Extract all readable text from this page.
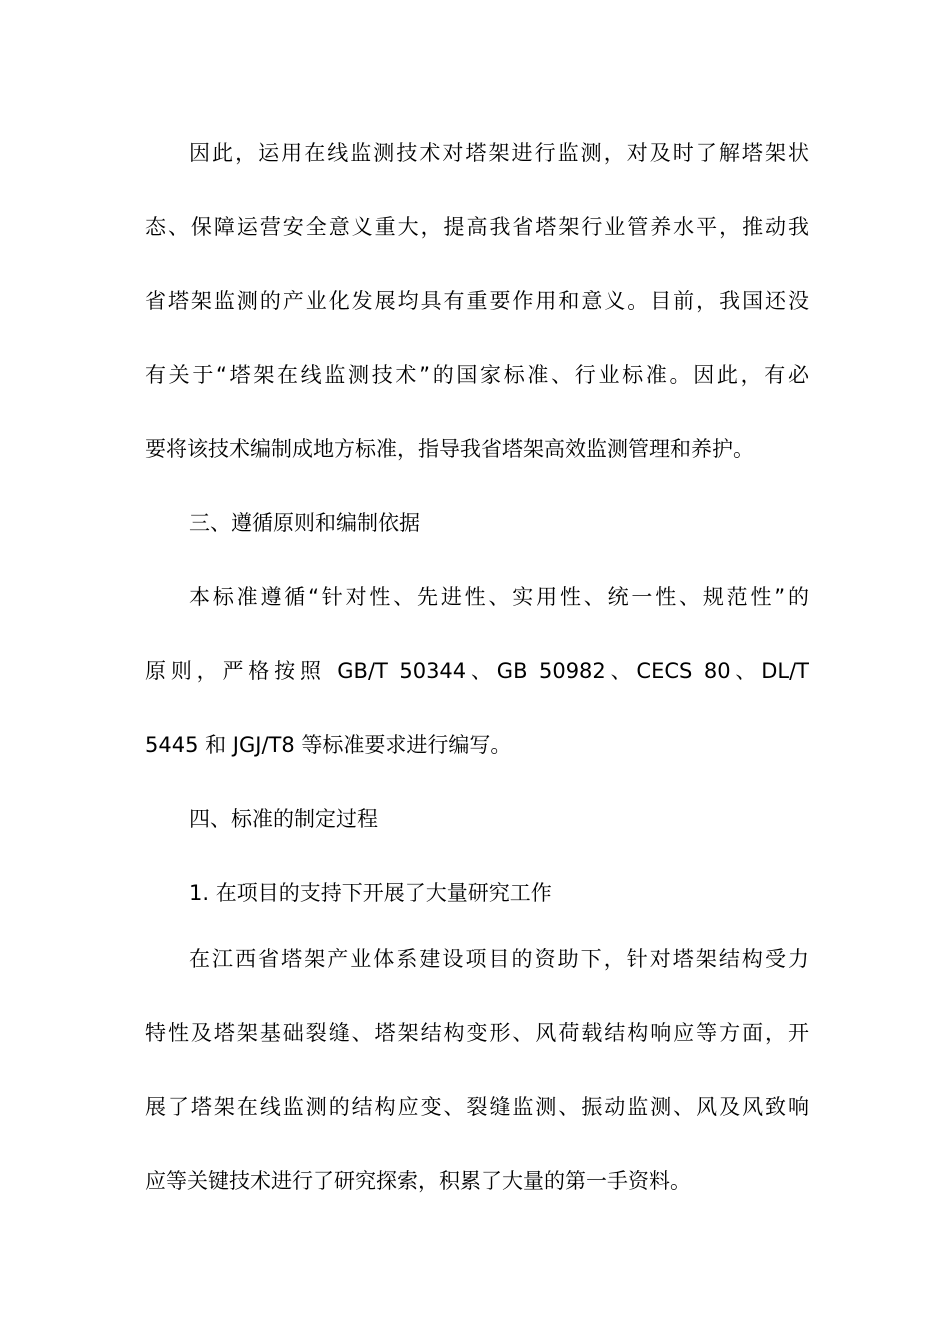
因此，运用在线监测技术对塔架进行监测，对及时了解塔架状
态、保障运营安全意义重大，提高我省塔架行业管养水平，推动我
省塔架监测的产业化发展均具有重要作用和意义。目前，我国还没
有关于“塔架在线监测技术”的国家标准、行业标准。因此，有必
要将该技术编制成地方标准，指导我省塔架高效监测管理和养护。
三、遵循原则和编制依据
本标准遵循“针对性、先进性、实用性、统一性、规范性”的
原则，严格按照 GB/T 50344、GB 50982、CECS 80、DL/T
5445 和 JGJ/T8 等标准要求进行编写。
四、标准的制定过程
1. 在项目的支持下开展了大量研究工作
在江西省塔架产业体系建设项目的资助下，针对塔架结构受力
特性及塔架基础裂缝、塔架结构变形、风荷载结构响应等方面，开
展了塔架在线监测的结构应变、裂缝监测、振动监测、风及风致响
应等关键技术进行了研究探索，积累了大量的第一手资料。
